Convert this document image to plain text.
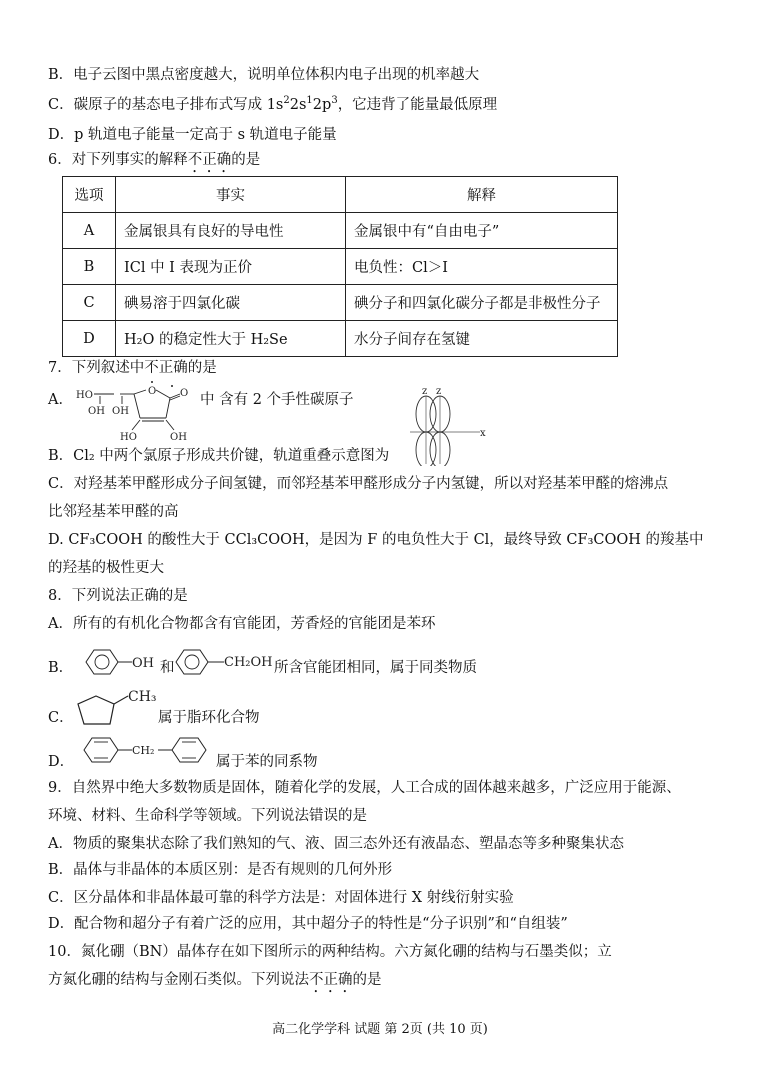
B．电子云图中黑点密度越大，说明单位体积内电子出现的机率越大
C．碳原子的基态电子排布式写成 $1s^22s^12p^3$，它违背了能量最低原理
D．p 轨道电子能量一定高于 s 轨道电子能量
6．对下列事实的解释不正确的是
选项	事实	解释
A	金属银具有良好的导电性	金属银中有“自由电子”
B	ICl 中 I 表现为正价	电负性：Cl＞I
C	碘易溶于四氯化碳	碘分子和四氯化碳分子都是非极性分子
D	H₂O 的稳定性大于 H₂Se	水分子间存在氢键
7．下列叙述中不正确的是
A． HO
OH OH
O O
HO	OH
中 含有 2 个手性碳原子
z z
x
B．Cl₂ 中两个氯原子形成共价键，轨道重叠示意图为
C．对羟基苯甲醛形成分子间氢键，而邻羟基苯甲醛形成分子内氢键，所以对羟基苯甲醛的熔沸点
比邻羟基苯甲醛的高
D. CF₃COOH 的酸性大于 CCl₃COOH，是因为 F 的电负性大于 Cl，最终导致 CF₃COOH 的羧基中
的羟基的极性更大
8．下列说法正确的是
A．所有的有机化合物都含有官能团，芳香烃的官能团是苯环
B．	OH 和	CH₂OH 所含官能团相同，属于同类物质
C．
CH₃
属于脂环化合物
D．
CH₂
属于苯的同系物
9．自然界中绝大多数物质是固体，随着化学的发展，人工合成的固体越来越多，广泛应用于能源、
环境、材料、生命科学等领域。下列说法错误的是
A．物质的聚集状态除了我们熟知的气、液、固三态外还有液晶态、塑晶态等多种聚集状态
B．晶体与非晶体的本质区别：是否有规则的几何外形
C．区分晶体和非晶体最可靠的科学方法是：对固体进行 X 射线衍射实验
D．配合物和超分子有着广泛的应用，其中超分子的特性是“分子识别”和“自组装”
10．氮化硼（BN）晶体存在如下图所示的两种结构。六方氮化硼的结构与石墨类似；立
方氮化硼的结构与金刚石类似。下列说法不正确的是
高二化学学科 试题 第 2页 (共 10 页)
